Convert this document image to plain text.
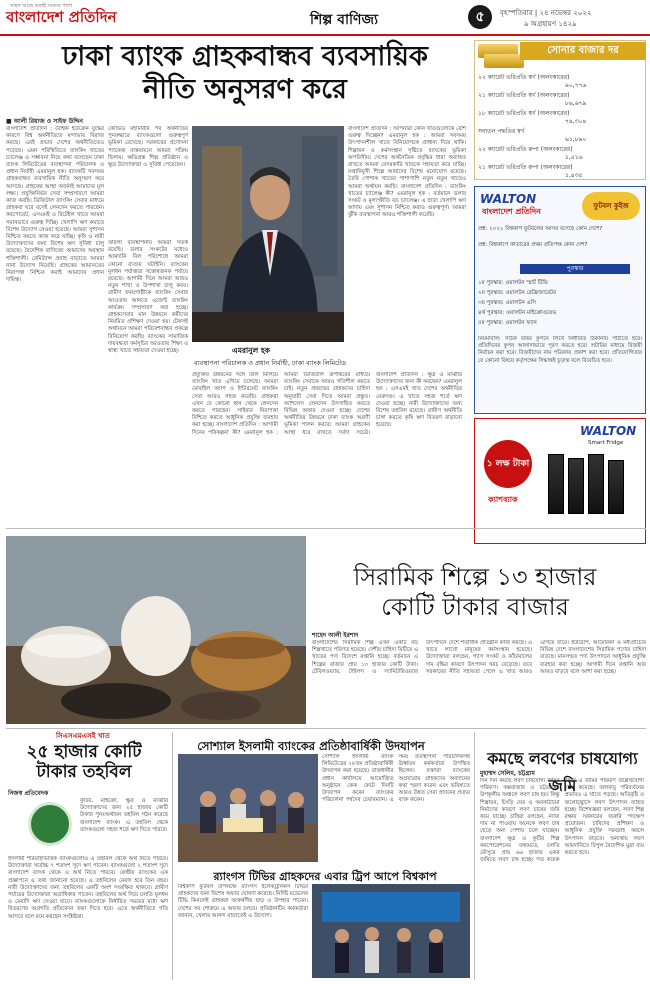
সাহস আছে বলেই সত্যের পাশে
বাংলাদেশ প্রতিদিন	শিল্প বাণিজ্য	৫	বৃহস্পতিবার | ২৪ নভেম্বর ২০২২
৯ অগ্রহায়ণ ১৪২৯
ঢাকা ব্যাংক গ্রাহকবান্ধব ব্যবসায়িক
নীতি অনুসরণ করে
■ আলী রিয়াজ ও সাইফ উদ্দিন
বাংলাদেশ প্রতিদিন : বৈশ্বিক ইউক্রেন যুদ্ধের কারণে বিশ্ব অর্থনীতিতে মন্দাভাব বিরাজ করছে। এরই প্রভাব দেশের অর্থনীতিতেও পড়েছে। এমন পরিস্থিতিতে ব্যাংকিং খাতের চ্যালেঞ্জ ও সম্ভাবনা নিয়ে কথা বলেছেন ঢাকা ব্যাংক লিমিটেডের ব্যবস্থাপনা পরিচালক ও প্রধান নির্বাহী এমরানুল হক। ব্যাংকটি সবসময় গ্রাহকবান্ধব ব্যবসায়িক নীতি অনুসরণ করে আসছে। গ্রাহকের আস্থা অর্জনই আমাদের মূল লক্ষ্য। প্রযুক্তিনির্ভর সেবা সম্প্রসারণে আমরা কাজ করছি। ডিজিটাল ব্যাংকিং সেবার মাধ্যমে গ্রাহকরা ঘরে বসেই লেনদেন করতে পারছেন। করপোরেট, এসএমই ও রিটেইল খাতে আমরা সমানভাবে গুরুত্ব দিচ্ছি। খেলাপি ঋণ কমাতে বিশেষ উদ্যোগ নেওয়া হয়েছে। আমরা সুশাসন নিশ্চিত করতে কাজ করে যাচ্ছি। কৃষি ও নারী উদ্যোক্তাদের জন্য বিশেষ ঋণ সুবিধা চালু রয়েছে। বৈদেশিক বাণিজ্যে আমাদের অবস্থান শক্তিশালী। রেমিট্যান্স প্রবাহ বাড়াতে আমরা নানা উদ্যোগ নিয়েছি। গ্রাহকের আমানতের নিরাপত্তা নিশ্চিত করাই আমাদের প্রধান দায়িত্ব।
কোভিড মহামারীর পর অর্থনীতির পুনরুদ্ধারে ব্যাংকগুলো গুরুত্বপূর্ণ ভূমিকা রেখেছে। সরকারের প্রণোদনা প্যাকেজ বাস্তবায়নে আমরা সক্রিয় ছিলাম। ক্ষতিগ্রস্ত শিল্প প্রতিষ্ঠান ও ক্ষুদ্র উদ্যোক্তারা এ সুবিধা পেয়েছেন।
তারল্য ব্যবস্থাপনায় আমরা সতর্ক রয়েছি। ডলার সংকটের মধ্যেও আমদানি বিল পরিশোধে আমরা কোনো ব্যত্যয় ঘটাইনি। ব্যাংকের মূলধন পর্যাপ্ততা সন্তোষজনক পর্যায়ে রয়েছে। আগামী দিনে আমরা আরও নতুন শাখা ও উপশাখা চালু করব। গ্রামীণ জনগোষ্ঠীকে ব্যাংকিং সেবার আওতায় আনতে এজেন্ট ব্যাংকিং কার্যক্রম সম্প্রসারণ করা হচ্ছে। গ্রাহকসেবার মান উন্নয়নে কর্মীদের নিয়মিত প্রশিক্ষণ দেওয়া হয়। টেকসই অর্থায়নে আমরা পরিবেশবান্ধব প্রকল্পে বিনিয়োগ করছি। ব্যাংকের সামাজিক দায়বদ্ধতা কর্মসূচির আওতায় শিক্ষা ও স্বাস্থ্য খাতে সহায়তা দেওয়া হচ্ছে।	এমরানুল হক
ব্যবস্থাপনা পরিচালক ও প্রধান নির্বাহী, ঢাকা ব্যাংক লিমিটেড
বাংলাদেশ প্রতিদিন : আপনারা কোন খাতগুলোকে বেশি গুরুত্ব দিচ্ছেন? এমরানুল হক : আমরা সবসময় উৎপাদনশীল খাতে বিনিয়োগকে প্রাধান্য দিয়ে থাকি। শিল্পায়ন ও কর্মসংস্থান সৃষ্টিতে ব্যাংকের ভূমিকা অপরিসীম। দেশের অর্থনৈতিক প্রবৃদ্ধির ধারা অব্যাহত রাখতে আমরা বেসরকারি খাতকে সহায়তা করে যাচ্ছি। রপ্তানিমুখী শিল্পে আমাদের বিশেষ মনোযোগ রয়েছে। তৈরি পোশাক খাতের পাশাপাশি নতুন নতুন খাতেও আমরা অর্থায়ন করছি। বাংলাদেশ প্রতিদিন : ব্যাংকিং খাতের চ্যালেঞ্জ কী? এমরানুল হক : বর্তমানে ডলার সংকট ও মূল্যস্ফীতি বড় চ্যালেঞ্জ। এ ছাড়া খেলাপি ঋণ আদায় এবং সুশাসন নিশ্চিত করাও গুরুত্বপূর্ণ। আমরা ঝুঁকি ব্যবস্থাপনা আরও শক্তিশালী করেছি।
প্রযুক্তির উন্নয়নের সঙ্গে তাল মিলিয়ে ব্যাংকিং খাত এগিয়ে চলেছে। আমরা মোবাইল অ্যাপ ও ইন্টারনেট ব্যাংকিং সেবা আরও সহজ করেছি। গ্রাহকরা এখন যে কোনো স্থান থেকে লেনদেন করতে পারছেন। সাইবার নিরাপত্তা নিশ্চিত করতে আধুনিক প্রযুক্তি ব্যবহার করা হচ্ছে। বাংলাদেশ প্রতিদিন : আগামী দিনের পরিকল্পনা কী? এমরানুল হক : আমরা ডিজিটাল রূপান্তরের মাধ্যমে ব্যাংকিং সেবাকে আরও গতিশীল করতে চাই। নতুন প্রজন্মের গ্রাহকদের চাহিদা অনুযায়ী সেবা দিতে আমরা প্রস্তুত। ক্যাশলেস লেনদেন উৎসাহিত করতে বিভিন্ন অফার দেওয়া হচ্ছে। দেশের অর্থনীতির উন্নয়নে ঢাকা ব্যাংক অগ্রণী ভূমিকা পালন করবে। আমরা গ্রাহকের আস্থা ধরে রাখতে সর্বদা সচেষ্ট। বাংলাদেশ প্রতিদিন : ক্ষুদ্র ও মাঝারি উদ্যোক্তাদের জন্য কী করছেন? এমরানুল হক : এসএমই খাত দেশের অর্থনীতির মেরুদণ্ড। এ খাতে সহজ শর্তে ঋণ দেওয়া হচ্ছে। নারী উদ্যোক্তাদের জন্য বিশেষ তহবিল রয়েছে। গ্রামীণ অর্থনীতি চাঙ্গা করতে কৃষি ঋণ বিতরণ বাড়ানো হয়েছে।
সোনার বাজার দর
২২ ক্যারেট ভরিপ্রতি স্বর্ণ (অলংকারের)
৯০,৭৭৬
২১ ক্যারেট ভরিপ্রতি স্বর্ণ (অলংকারের)
৮৬,৬৭৯
১৮ ক্যারেট ভরিপ্রতি স্বর্ণ (অলংকারের)
৭৪,৩০৪
সনাতন পদ্ধতির স্বর্ণ
৬১,৮৯০
২২ ক্যারেট ভরিপ্রতি রুপা (অলংকারের)
১,৫১৬
২১ ক্যারেট ভরিপ্রতি রুপা (অলংকারের)
১,৪৩৫
WALTON
বাংলাদেশ প্রতিদিন
ফুটবল কুইজ
প্রশ্ন: ২০২২ বিশ্বকাপ ফুটবলের আসর বসেছে কোন দেশে?
প্রশ্ন: বিশ্বকাপে কাতারের প্রথম প্রতিপক্ষ কোন দেশ?
পুরস্কার
১ম পুরস্কার: ওয়ালটন স্মার্ট টিভি
২য় পুরস্কার: ওয়ালটন রেফ্রিজারেটর
৩য় পুরস্কার: ওয়ালটন এসি
৪র্থ পুরস্কার: ওয়ালটন মাইক্রোওয়েভ
৫ম পুরস্কার: ওয়ালটন ফ্যান
নিয়মাবলি: সঠিক উত্তর কুপনে লিখে নির্ধারিত ঠিকানায় পাঠাতে হবে। প্রতিদিনের কুপন আলাদাভাবে পূরণ করতে হবে। লটারির মাধ্যমে বিজয়ী নির্বাচন করা হবে। বিজয়ীদের নাম পত্রিকায় প্রকাশ করা হবে। প্রতিযোগিতার যে কোনো বিষয়ে কর্তৃপক্ষের সিদ্ধান্তই চূড়ান্ত বলে বিবেচিত হবে।
১ লক্ষ টাকা
ক্যাশব্যাক
WALTON
Smart Fridge
সিরামিক শিল্পে ১৩ হাজার
কোটি টাকার বাজার
শাহেদ আলী ইরশাদ
বাংলাদেশের সিরামিক শিল্প এখন একটি বড় শিল্পখাতে পরিণত হয়েছে। দেশীয় চাহিদা মিটিয়ে এ খাতের পণ্য বিদেশে রপ্তানি হচ্ছে। বর্তমানে এ শিল্পের বাজার প্রায় ১৩ হাজার কোটি টাকা। টেবিলওয়্যার, টাইলস ও স্যানিটারিওয়্যার উৎপাদনে দেশে শতাধিক প্রতিষ্ঠান কাজ করছে। এ খাতে লাখো মানুষের কর্মসংস্থান হয়েছে। উদ্যোক্তারা বলছেন, গ্যাস সংকট ও কাঁচামালের দাম বৃদ্ধির কারণে উৎপাদন খরচ বেড়েছে। তবে সরকারের নীতি সহায়তা পেলে এ খাত আরও এগিয়ে যাবে। ইউরোপ, আমেরিকা ও মধ্যপ্রাচ্যের বিভিন্ন দেশে বাংলাদেশের সিরামিক পণ্যের চাহিদা বাড়ছে। মানসম্মত পণ্য উৎপাদনে আধুনিক প্রযুক্তি ব্যবহার করা হচ্ছে। আগামী দিনে রপ্তানি আয় আরও বাড়বে বলে আশা করা হচ্ছে।
সিএসএমএসই খাত
২৫ হাজার কোটি
টাকার তহবিল
নিজস্ব প্রতিবেদক
কুটির, মাইক্রো, ক্ষুদ্র ও মাঝারি উদ্যোক্তাদের জন্য ২৫ হাজার কোটি টাকার পুনঃঅর্থায়ন তহবিল গঠন করেছে বাংলাদেশ ব্যাংক। এ তহবিল থেকে ব্যাংকগুলো সহজ শর্তে ঋণ দিতে পারবে।
ইসলামী শরিয়াহভিত্তিক ব্যাংকগুলোও এ তহবিল থেকে অর্থ নিতে পারবে। উদ্যোক্তারা সর্বোচ্চ ৭ শতাংশ সুদে ঋণ পাবেন। ব্যাংকগুলো ২ শতাংশ সুদে বাংলাদেশ ব্যাংক থেকে এ অর্থ নিতে পারবে। কেন্দ্রীয় ব্যাংকের এক প্রজ্ঞাপনে এ তথ্য জানানো হয়েছে। এ তহবিলের মেয়াদ হবে তিন বছর। নারী উদ্যোক্তাদের জন্য তহবিলের একটি অংশ সংরক্ষিত থাকবে। গ্রামীণ পর্যায়ের উদ্যোক্তারা অগ্রাধিকার পাবেন। তহবিলের অর্থ দিয়ে চলতি মূলধন ও মেয়াদি ঋণ দেওয়া যাবে। ব্যাংকগুলোকে নির্ধারিত সময়ের মধ্যে ঋণ বিতরণের অগ্রগতি প্রতিবেদন জমা দিতে হবে। এতে অর্থনীতিতে গতি আসবে বলে মনে করছেন সংশ্লিষ্টরা।
সোশ্যাল ইসলামী ব্যাংকের প্রতিষ্ঠাবার্ষিকী উদযাপন
সোশ্যাল ইসলামী ব্যাংক লিমিটেডের ২৮তম প্রতিষ্ঠাবার্ষিকী উদযাপন করা হয়েছে। রাজধানীর প্রধান কার্যালয়ে আয়োজিত অনুষ্ঠানে কেক কেটে দিনটি উদযাপন করেন ব্যাংকের পরিচালনা পর্ষদের চেয়ারম্যান। এ সময় ব্যবস্থাপনা পরিচালকসহ ঊর্ধ্বতন কর্মকর্তারা উপস্থিত ছিলেন। বক্তারা ব্যাংকের অগ্রযাত্রায় গ্রাহকদের অবদানের কথা স্মরণ করেন এবং ভবিষ্যতে আরও উন্নত সেবা প্রদানের প্রত্যয় ব্যক্ত করেন।
র‍্যাংগস টিভির গ্রাহকদের এবার ট্রিপ আপে বিশ্বকাপ
বিশ্বকাপ ফুটবল উপলক্ষে র‍্যাংগস ইলেকট্রনিকস টিভির গ্রাহকদের জন্য বিশেষ অফার ঘোষণা করেছে। নির্দিষ্ট মডেলের টিভি কিনলেই গ্রাহকরা আকর্ষণীয় ছাড় ও উপহার পাবেন। দেশের সব শোরুমে এ অফার চলবে। প্রতিষ্ঠানটির কর্মকর্তারা জানান, খেলার আনন্দ বাড়াতেই এ উদ্যোগ।
কমছে লবণের চাষযোগ্য জমি
মুহাম্মদ সেলিম, চট্টগ্রাম
দিন দিন কমছে লবণ চাষযোগ্য জমির পরিমাণ। কক্সবাজার ও চট্টগ্রামের উপকূলীয় অঞ্চলে লবণ চাষ হয়। কিন্তু শিল্পায়ন, চিংড়ি ঘের ও অবকাঠামো নির্মাণের কারণে লবণ চাষের জমি কমে যাচ্ছে। চাষিরা বলছেন, ন্যায্য দাম না পাওয়ায় অনেকে লবণ চাষ ছেড়ে অন্য পেশায় চলে যাচ্ছেন। বাংলাদেশ ক্ষুদ্র ও কুটির শিল্প করপোরেশনের তথ্যমতে, চলতি মৌসুমে প্রায় ৬৬ হাজার একর জমিতে লবণ চাষ হচ্ছে। গত কয়েক বছরে এ জমির পরিমাণ উল্লেখযোগ্য হারে কমেছে। জলবায়ু পরিবর্তনের প্রভাবও এ খাতে পড়ছে। অতিবৃষ্টি ও জলোচ্ছ্বাসে লবণ উৎপাদন ব্যাহত হচ্ছে। বিশেষজ্ঞরা বলছেন, লবণ শিল্প রক্ষায় সরকারের জরুরি পদক্ষেপ প্রয়োজন। চাষিদের প্রশিক্ষণ ও আধুনিক প্রযুক্তি সরবরাহ করলে উৎপাদন বাড়বে। অন্যথায় লবণ আমদানিতে বিপুল বৈদেশিক মুদ্রা ব্যয় করতে হবে।
